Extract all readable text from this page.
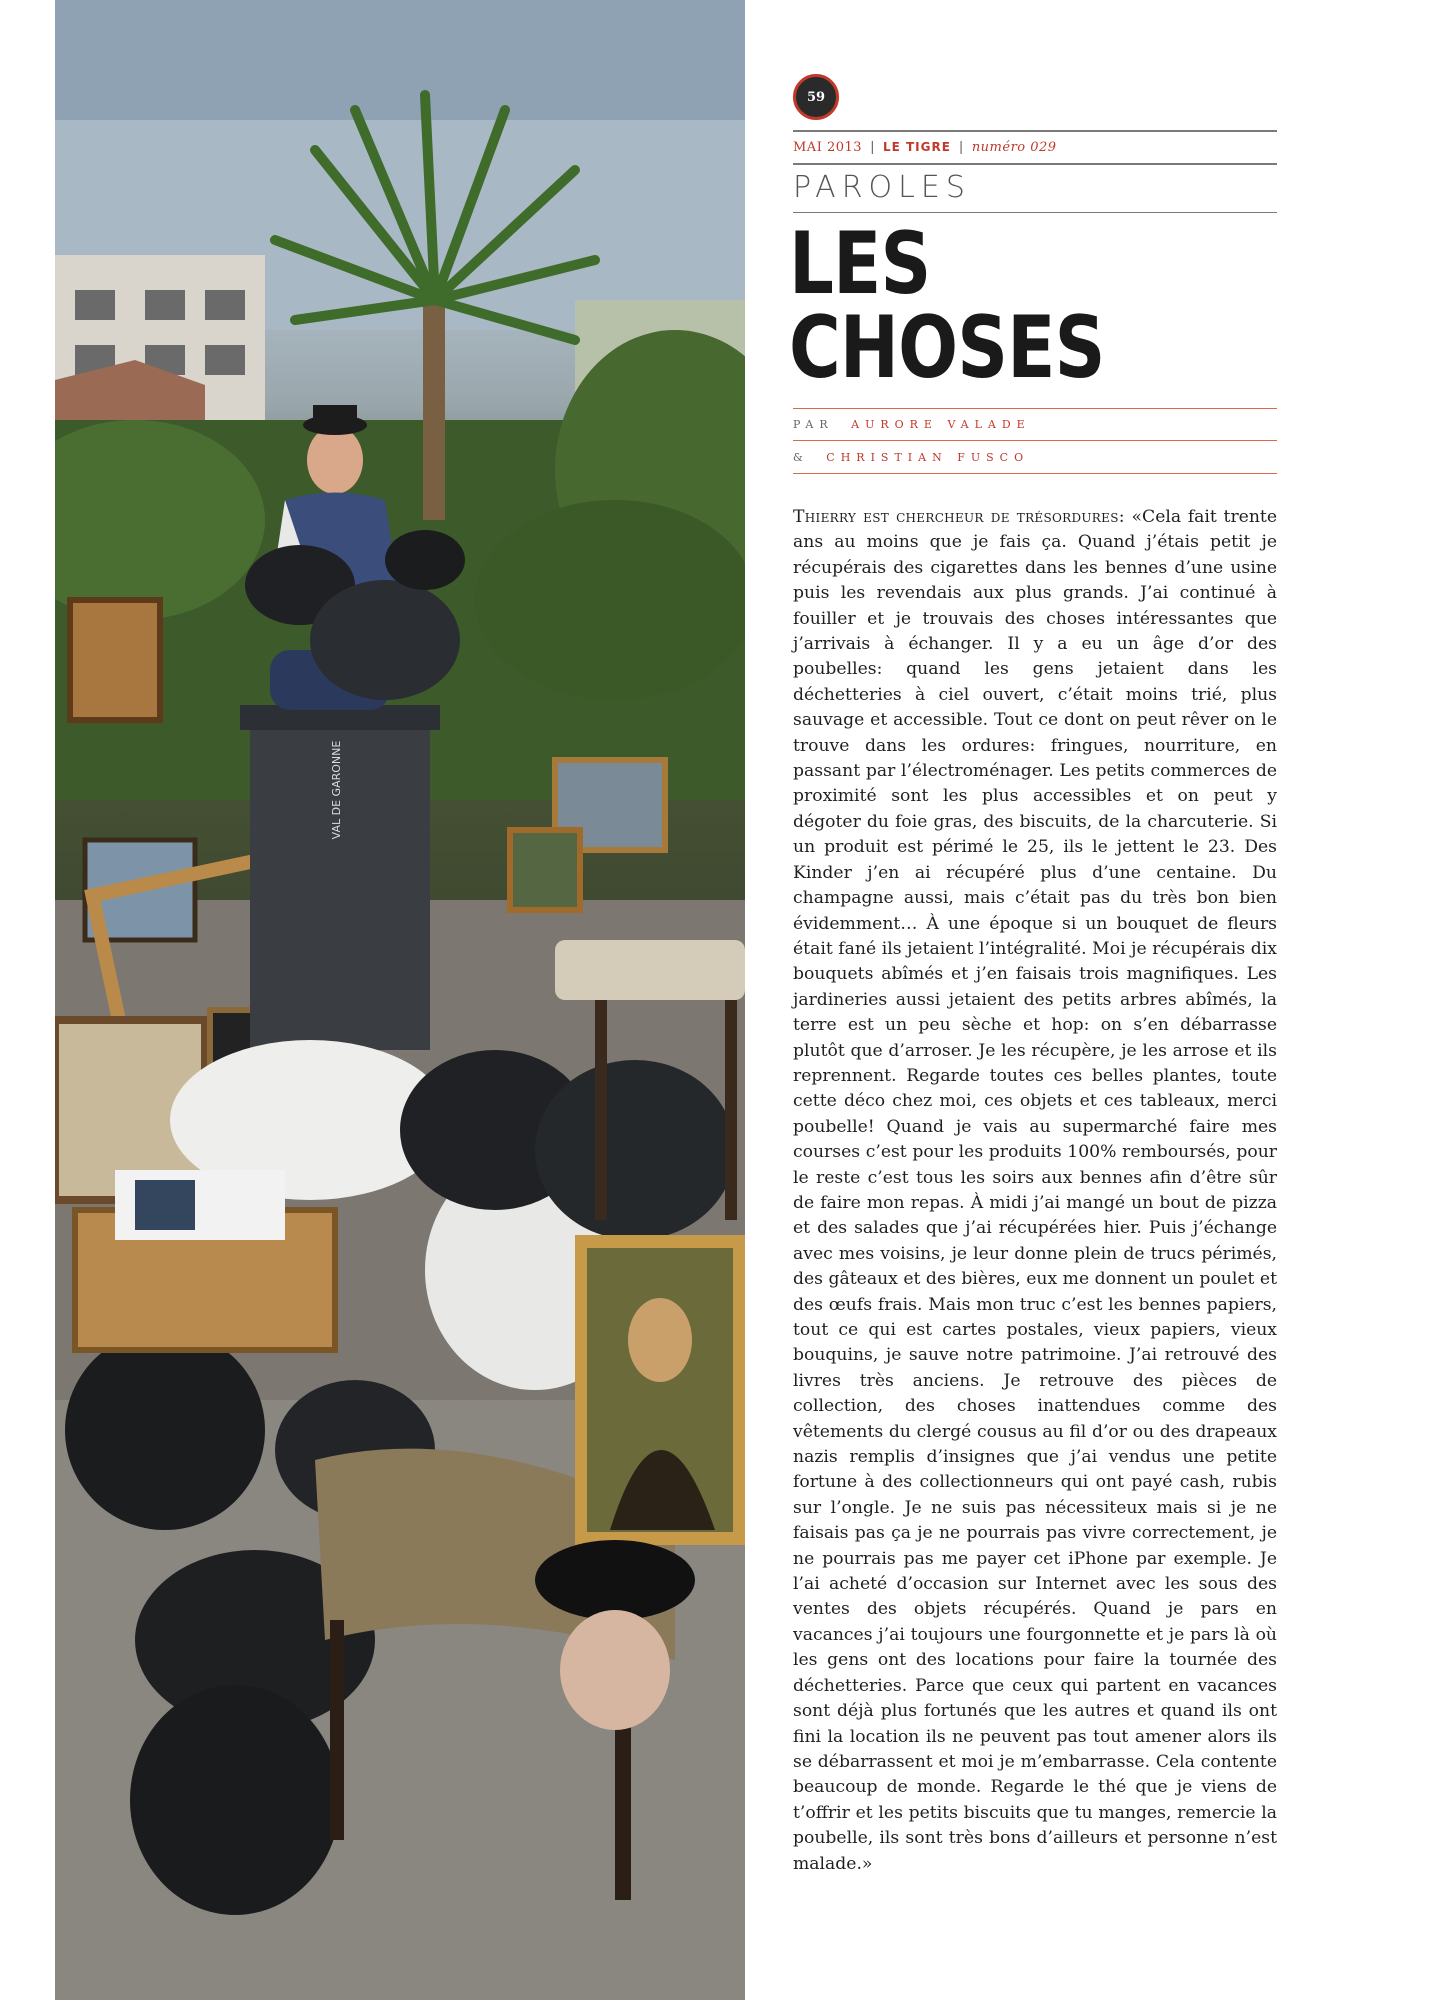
VAL DE GARONNE
59
MAI 2013 | LE TIGRE | numéro 029
PAROLES
LES
CHOSES
PAR AURORE VALADE
& CHRISTIAN FUSCO
Thierry est chercheur de trésordures: «Cela fait trente ans au moins que je fais ça. Quand j’étais petit je récupérais des cigarettes dans les bennes d’une usine puis les revendais aux plus grands. J’ai continué à fouiller et je trouvais des choses intéressantes que j’arrivais à échanger. Il y a eu un âge d’or des poubelles: quand les gens jetaient dans les déchetteries à ciel ouvert, c’était moins trié, plus sauvage et accessible. Tout ce dont on peut rêver on le trouve dans les ordures: fringues, nourriture, en passant par l’électroménager. Les petits commerces de proximité sont les plus accessibles et on peut y dégoter du foie gras, des biscuits, de la charcuterie. Si un produit est périmé le 25, ils le jettent le 23. Des Kinder j’en ai récupéré plus d’une centaine. Du champagne aussi, mais c’était pas du très bon bien évidemment… À une époque si un bouquet de fleurs était fané ils jetaient l’intégralité. Moi je récupérais dix bouquets abîmés et j’en faisais trois magnifiques. Les jardineries aussi jetaient des petits arbres abîmés, la terre est un peu sèche et hop: on s’en débarrasse plutôt que d’arroser. Je les récupère, je les arrose et ils reprennent. Regarde toutes ces belles plantes, toute cette déco chez moi, ces objets et ces tableaux, merci poubelle! Quand je vais au supermarché faire mes courses c’est pour les produits 100% remboursés, pour le reste c’est tous les soirs aux bennes afin d’être sûr de faire mon repas. À midi j’ai mangé un bout de pizza et des salades que j’ai récupérées hier. Puis j’échange avec mes voisins, je leur donne plein de trucs périmés, des gâteaux et des bières, eux me donnent un poulet et des œufs frais. Mais mon truc c’est les bennes papiers, tout ce qui est cartes postales, vieux papiers, vieux bouquins, je sauve notre patrimoine. J’ai retrouvé des livres très anciens. Je retrouve des pièces de collection, des choses inattendues comme des vêtements du clergé cousus au fil d’or ou des drapeaux nazis remplis d’insignes que j’ai vendus une petite fortune à des collectionneurs qui ont payé cash, rubis sur l’ongle. Je ne suis pas nécessiteux mais si je ne faisais pas ça je ne pourrais pas vivre correctement, je ne pourrais pas me payer cet iPhone par exemple. Je l’ai acheté d’occasion sur Internet avec les sous des ventes des objets récupérés. Quand je pars en vacances j’ai toujours une fourgonnette et je pars là où les gens ont des locations pour faire la tournée des déchetteries. Parce que ceux qui partent en vacances sont déjà plus fortunés que les autres et quand ils ont fini la location ils ne peuvent pas tout amener alors ils se débarrassent et moi je m’embarrasse. Cela contente beaucoup de monde. Regarde le thé que je viens de t’offrir et les petits biscuits que tu manges, remercie la poubelle, ils sont très bons d’ailleurs et personne n’est malade.»
